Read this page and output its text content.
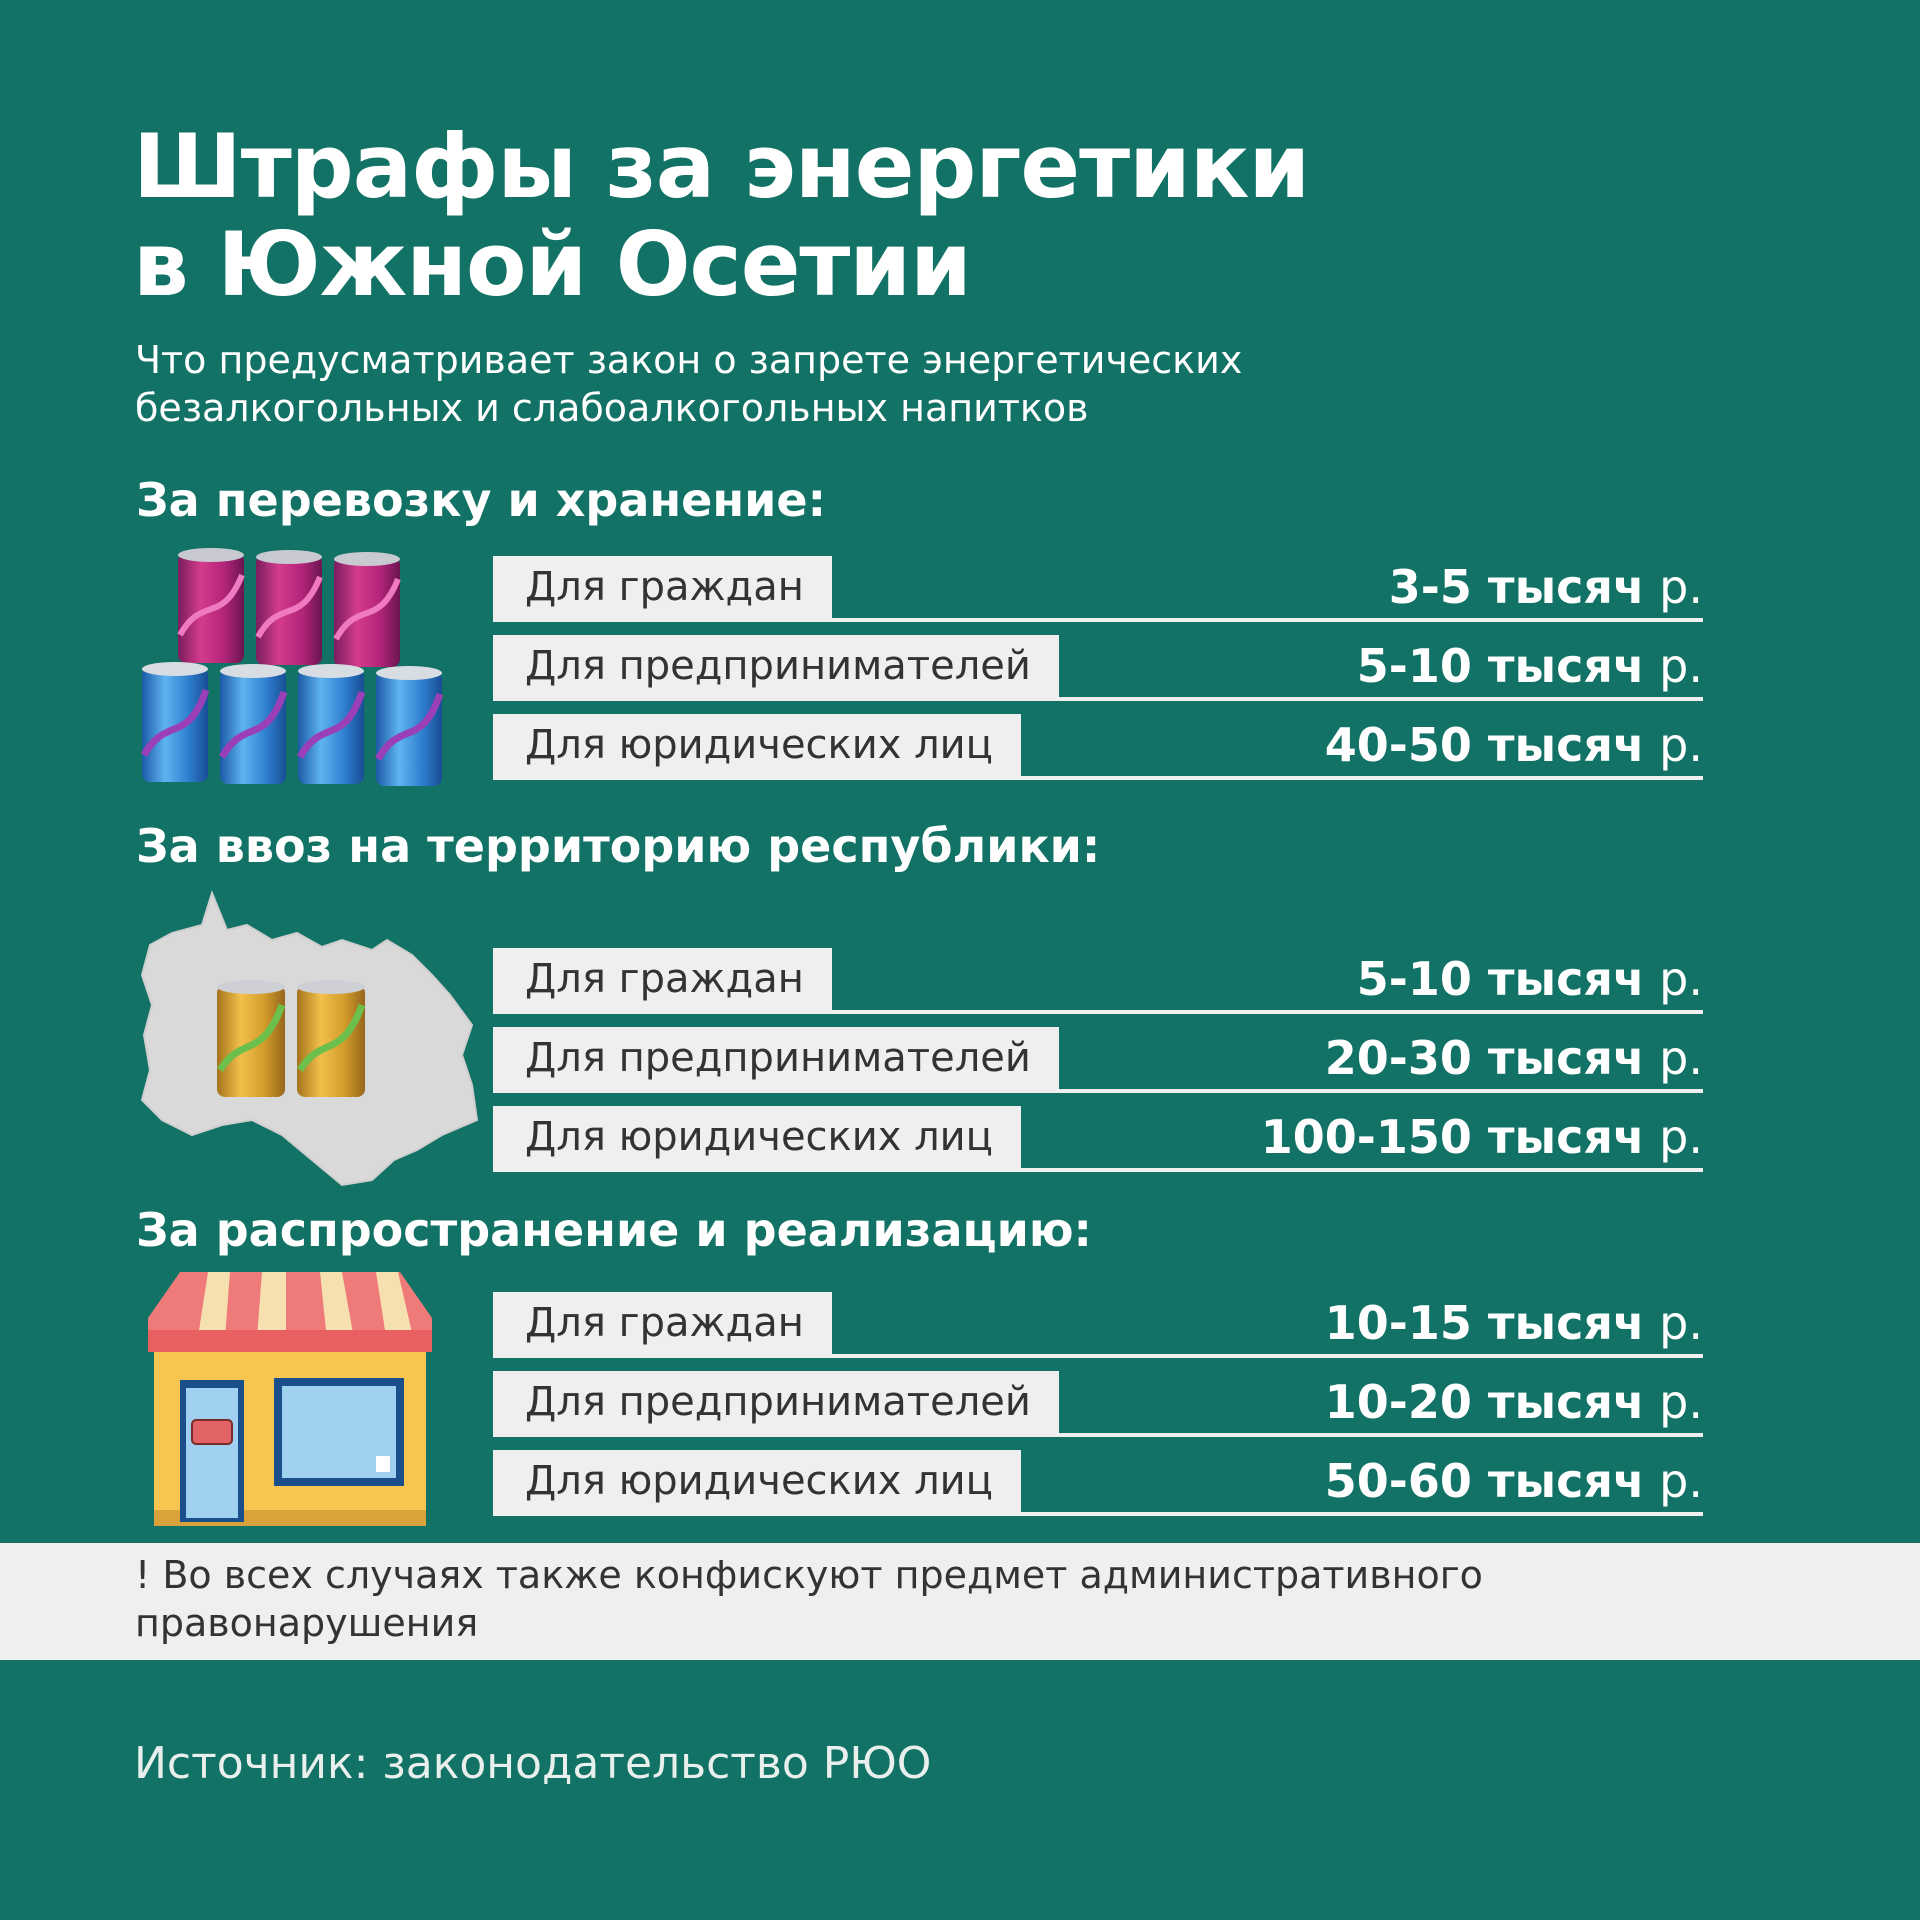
Штрафы за энергетики
в Южной Осетии

Что предусматривает закон о запрете энергетических
безалкогольных и слабоалкогольных напитков

За перевозку и хранение:
Для граждан	3-5 тысяч р.
Для предпринимателей	5-10 тысяч р.
Для юридических лиц	40-50 тысяч р.
За ввоз на территорию республики:
Для граждан	5-10 тысяч р.
Для предпринимателей	20-30 тысяч р.
Для юридических лиц	100-150 тысяч р.
За распространение и реализацию:
Для граждан	10-15 тысяч р.
Для предпринимателей	10-20 тысяч р.
Для юридических лиц	50-60 тысяч р.

! Во всех случаях также конфискуют предмет административного
правонарушения

Источник: законодательство РЮО
